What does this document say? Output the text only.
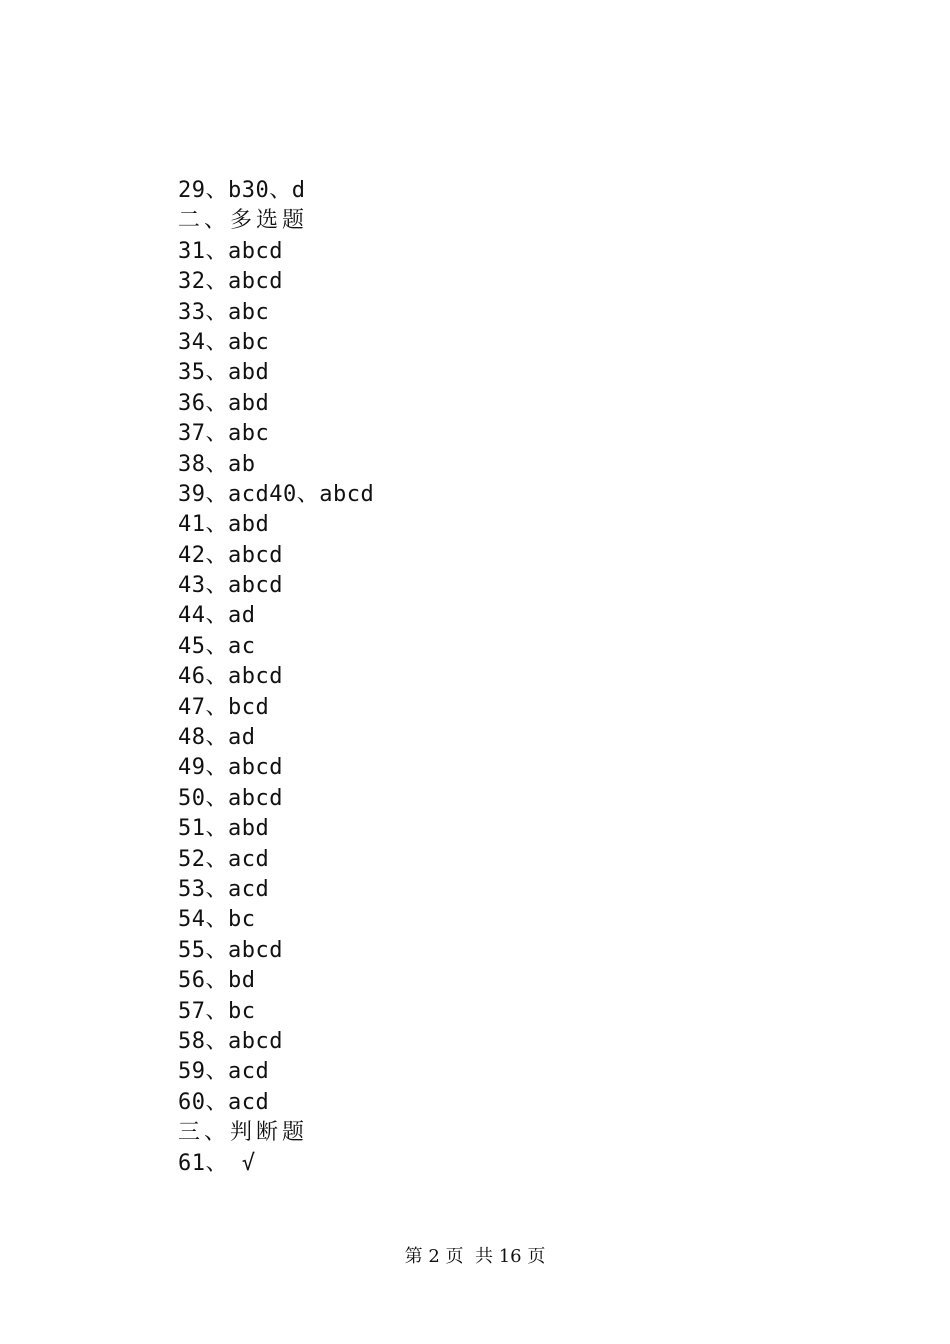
29、b30、d
二、多选题
31、abcd
32、abcd
33、abc
34、abc
35、abd
36、abd
37、abc
38、ab
39、acd40、abcd
41、abd
42、abcd
43、abcd
44、ad
45、ac
46、abcd
47、bcd
48、ad
49、abcd
50、abcd
51、abd
52、acd
53、acd
54、bc
55、abcd
56、bd
57、bc
58、abcd
59、acd
60、acd
三、判断题
61、 √
第 2 页  共 16 页
